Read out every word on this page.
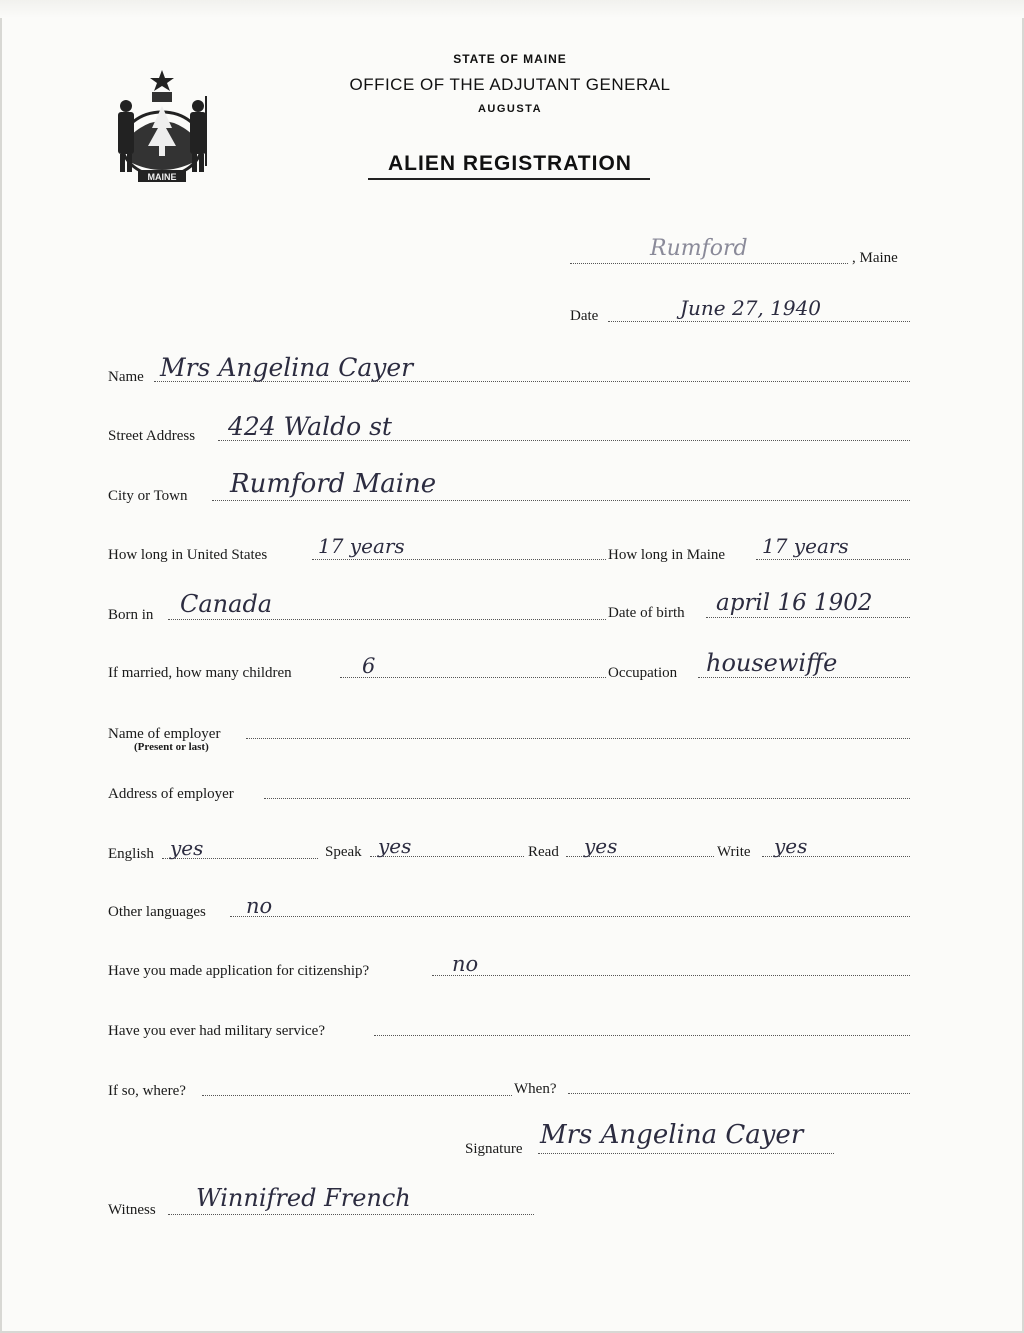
MAINE
STATE OF MAINE
OFFICE OF THE ADJUTANT GENERAL
AUGUSTA
ALIEN REGISTRATION
Rumford	, Maine
Date	June 27, 1940
Name Mrs Angelina Cayer
Street Address 424 Waldo st
City or Town Rumford Maine
How long in United States	17 years	How long in Maine 17 years
Born in Canada	Date of birth april 16 1902
If married, how many children	6	Occupation housewiffe
Name of employer
(Present or last)
Address of employer
English yes	Speak yes	Read yes	Write yes
Other languages no
Have you made application for citizenship?	no
Have you ever had military service?
If so, where?	When?
Signature Mrs Angelina Cayer
Witness Winnifred French
